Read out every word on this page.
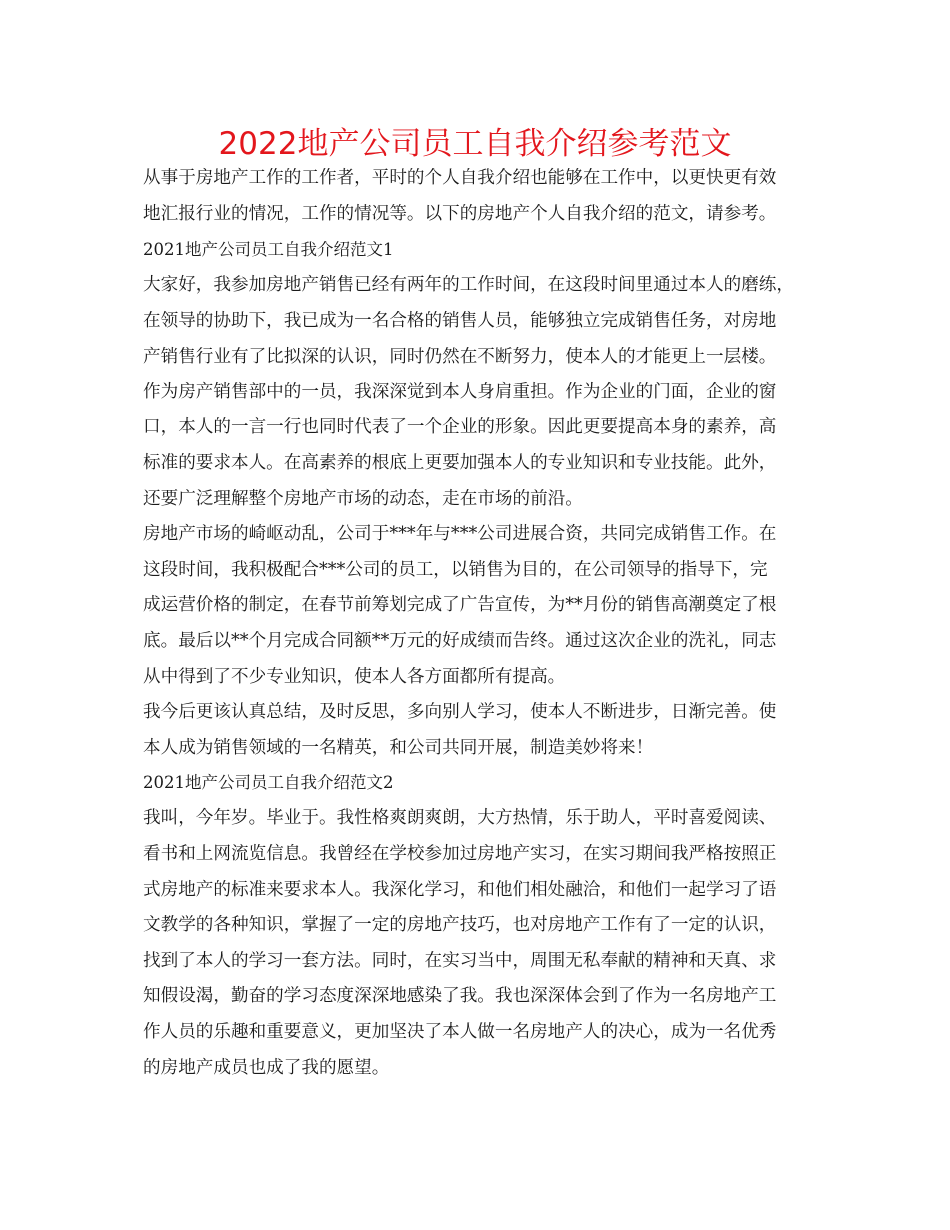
2022地产公司员工自我介绍参考范文
从事于房地产工作的工作者，平时的个人自我介绍也能够在工作中，以更快更有效
地汇报行业的情况，工作的情况等。以下的房地产个人自我介绍的范文，请参考。
2021地产公司员工自我介绍范文1
大家好，我参加房地产销售已经有两年的工作时间，在这段时间里通过本人的磨练，
在领导的协助下，我已成为一名合格的销售人员，能够独立完成销售任务，对房地
产销售行业有了比拟深的认识，同时仍然在不断努力，使本人的才能更上一层楼。
作为房产销售部中的一员，我深深觉到本人身肩重担。作为企业的门面，企业的窗
口，本人的一言一行也同时代表了一个企业的形象。因此更要提高本身的素养，高
标准的要求本人。在高素养的根底上更要加强本人的专业知识和专业技能。此外，
还要广泛理解整个房地产市场的动态，走在市场的前沿。
房地产市场的崎岖动乱，公司于***年与***公司进展合资，共同完成销售工作。在
这段时间，我积极配合***公司的员工，以销售为目的，在公司领导的指导下，完
成运营价格的制定，在春节前筹划完成了广告宣传，为**月份的销售高潮奠定了根
底。最后以**个月完成合同额**万元的好成绩而告终。通过这次企业的洗礼，同志
从中得到了不少专业知识，使本人各方面都所有提高。
我今后更该认真总结，及时反思，多向别人学习，使本人不断进步，日渐完善。使
本人成为销售领域的一名精英，和公司共同开展，制造美妙将来！
2021地产公司员工自我介绍范文2
我叫，今年岁。毕业于。我性格爽朗爽朗，大方热情，乐于助人，平时喜爱阅读、
看书和上网流览信息。我曾经在学校参加过房地产实习，在实习期间我严格按照正
式房地产的标准来要求本人。我深化学习，和他们相处融洽，和他们一起学习了语
文教学的各种知识，掌握了一定的房地产技巧，也对房地产工作有了一定的认识，
找到了本人的学习一套方法。同时，在实习当中，周围无私奉献的精神和天真、求
知假设渴，勤奋的学习态度深深地感染了我。我也深深体会到了作为一名房地产工
作人员的乐趣和重要意义，更加坚决了本人做一名房地产人的决心，成为一名优秀
的房地产成员也成了我的愿望。
